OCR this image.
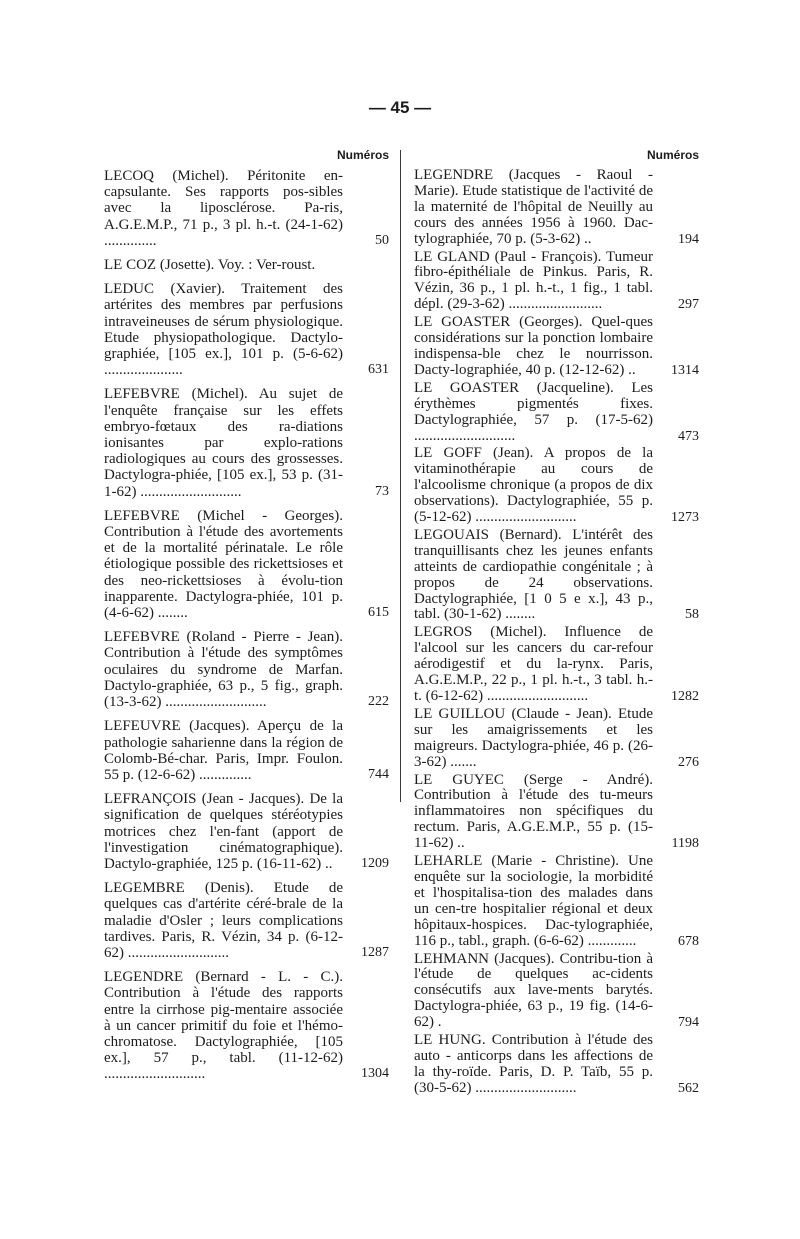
— 45 —
Numéros
LECOQ (Michel). Péritonite en-capsulante. Ses rapports pos-sibles avec la liposclérose. Pa-ris, A.G.E.M.P., 71 p., 3 pl. h.-t. (24-1-62) ..............	50
LE COZ (Josette). Voy. : Ver-roust.
LEDUC (Xavier). Traitement des artérites des membres par perfusions intraveineuses de sérum physiologique. Etude physiopathologique. Dactylo-graphiée, [105 ex.], 101 p. (5-6-62) .....................	631
LEFEBVRE (Michel). Au sujet de l'enquête française sur les effets embryo-fœtaux des ra-diations ionisantes par explo-rations radiologiques au cours des grossesses. Dactylogra-phiée, [105 ex.], 53 p. (31-1-62) ...........................	73
LEFEBVRE (Michel - Georges). Contribution à l'étude des avortements et de la mortalité périnatale. Le rôle étiologique possible des rickettsioses et des neo-rickettsioses à évolu-tion inapparente. Dactylogra-phiée, 101 p. (4-6-62) ........	615
LEFEBVRE (Roland - Pierre - Jean). Contribution à l'étude des symptômes oculaires du syndrome de Marfan. Dactylo-graphiée, 63 p., 5 fig., graph. (13-3-62) ...........................	222
LEFEUVRE (Jacques). Aperçu de la pathologie saharienne dans la région de Colomb-Bé-char. Paris, Impr. Foulon. 55 p. (12-6-62) ..............	744
LEFRANÇOIS (Jean - Jacques). De la signification de quelques stéréotypies motrices chez l'en-fant (apport de l'investigation cinématographique). Dactylo-graphiée, 125 p. (16-11-62) .. 1209
LEGEMBRE (Denis). Etude de quelques cas d'artérite céré-brale de la maladie d'Osler ; leurs complications tardives. Paris, R. Vézin, 34 p. (6-12-62) ...........................	1287
LEGENDRE (Bernard - L. - C.). Contribution à l'étude des rapports entre la cirrhose pig-mentaire associée à un cancer primitif du foie et l'hémo-chromatose. Dactylographiée, [105 ex.], 57 p., tabl. (11-12-62) ...........................	1304
Numéros
LEGENDRE (Jacques - Raoul - Marie). Etude statistique de l'activité de la maternité de l'hôpital de Neuilly au cours des années 1956 à 1960. Dac-tylographiée, 70 p. (5-3-62) ..	194
LE GLAND (Paul - François). Tumeur fibro-épithéliale de Pinkus. Paris, R. Vézin, 36 p., 1 pl. h.-t., 1 fig., 1 tabl. dépl. (29-3-62) .........................	297
LE GOASTER (Georges). Quel-ques considérations sur la ponction lombaire indispensa-ble chez le nourrisson. Dacty-lographiée, 40 p. (12-12-62) ..	1314
LE GOASTER (Jacqueline). Les érythèmes pigmentés fixes. Dactylographiée, 57 p. (17-5-62) ...........................	473
LE GOFF (Jean). A propos de la vitaminothérapie au cours de l'alcoolisme chronique (a propos de dix observations). Dactylographiée, 55 p. (5-12-62) ...........................	1273
LEGOUAIS (Bernard). L'intérêt des tranquillisants chez les jeunes enfants atteints de cardiopathie congénitale ; à propos de 24 observations. Dactylographiée, [1 0 5 e x.], 43 p., tabl. (30-1-62) ........	58
LEGROS (Michel). Influence de l'alcool sur les cancers du car-refour aérodigestif et du la-rynx. Paris, A.G.E.M.P., 22 p., 1 pl. h.-t., 3 tabl. h.-t. (6-12-62) ...........................	1282
LE GUILLOU (Claude - Jean). Etude sur les amaigrissements et les maigreurs. Dactylogra-phiée, 46 p. (26-3-62) .......	276
LE GUYEC (Serge - André). Contribution à l'étude des tu-meurs inflammatoires non spécifiques du rectum. Paris, A.G.E.M.P., 55 p. (15-11-62) ..	1198
LEHARLE (Marie - Christine). Une enquête sur la sociologie, la morbidité et l'hospitalisa-tion des malades dans un cen-tre hospitalier régional et deux hôpitaux-hospices. Dac-tylographiée, 116 p., tabl., graph. (6-6-62) .............	678
LEHMANN (Jacques). Contribu-tion à l'étude de quelques ac-cidents consécutifs aux lave-ments barytés. Dactylogra-phiée, 63 p., 19 fig. (14-6-62) .	794
LE HUNG. Contribution à l'étude des auto - anticorps dans les affections de la thy-roïde. Paris, D. P. Taïb, 55 p. (30-5-62) ...........................	562
